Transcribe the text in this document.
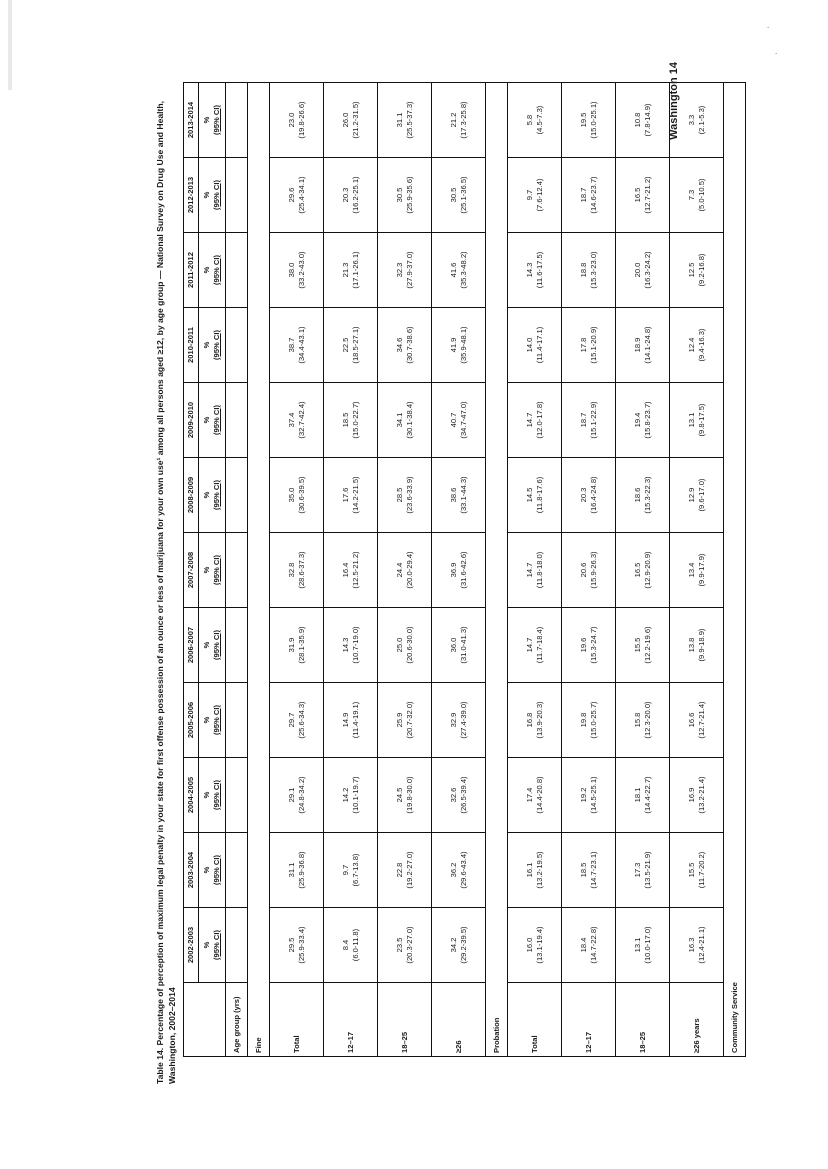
⋅
⋅
Table 14. Percentage of perception of maximum legal penalty in your state for first offense possession of an ounce or less of marijuana for your own use¹ among all persons aged ≥12, by age group — National Survey on Drug Use and Health, Washington, 2002–2014
	2002-2003	2003-2004	2004-2005	2005-2006	2006-2007	2007-2008	2008-2009	2009-2010	2010-2011	2011-2012	2012-2013	2013-2014

	% (95% CI)	% (95% CI)	% (95% CI)	% (95% CI)	% (95% CI)	% (95% CI)	% (95% CI)	% (95% CI)	% (95% CI)	% (95% CI)	% (95% CI)	% (95% CI)

Age group (yrs)												
Fine												
Total	29.5 (25.9-33.4)	31.1 (25.9-36.8)	29.1 (24.8-34.2)	29.7 (25.6-34.3)	31.9 (28.1-35.9)	32.8 (28.6-37.3)	35.0 (30.6-39.5)	37.4 (32.7-42.4)	38.7 (34.4-43.1)	38.0 (33.2-43.0)	29.6 (25.4-34.1)	23.0 (19.8-26.6)

12–17	8.4 (6.0-11.8)	9.7 (6.7-13.8)	14.2 (10.1-19.7)	14.9 (11.4-19.1)	14.3 (10.7-19.0)	16.4 (12.5-21.2)	17.6 (14.2-21.5)	18.5 (15.0-22.7)	22.5 (18.5-27.1)	21.3 (17.1-26.1)	20.3 (16.2-25.1)	26.0 (21.2-31.5)

18–25	23.5 (20.3-27.0)	22.8 (19.2-27.0)	24.5 (19.8-30.0)	25.9 (20.7-32.0)	25.0 (20.6-30.0)	24.4 (20.0-29.4)	28.5 (23.6-33.9)	34.1 (30.1-38.4)	34.6 (30.7-38.6)	32.3 (27.9-37.0)	30.5 (25.9-35.6)	31.1 (25.5-37.3)

≥26	34.2 (29.2-39.5)	36.2 (29.6-43.4)	32.6 (26.5-39.4)	32.9 (27.4-39.0)	36.0 (31.0-41.3)	36.9 (31.6-42.6)	38.6 (33.1-44.3)	40.7 (34.7-47.0)	41.9 (35.9-48.1)	41.6 (35.3-48.2)	30.5 (25.1-36.5)	21.2 (17.3-25.8)

Probation												
Total	16.0 (13.1-19.4)	16.1 (13.2-19.5)	17.4 (14.4-20.8)	16.8 (13.9-20.3)	14.7 (11.7-18.4)	14.7 (11.8-18.0)	14.5 (11.8-17.6)	14.7 (12.0-17.8)	14.0 (11.4-17.1)	14.3 (11.6-17.5)	9.7 (7.6-12.4)	5.8 (4.5-7.3)

12–17	18.4 (14.7-22.8)	18.5 (14.7-23.1)	19.2 (14.5-25.1)	19.8 (15.0-25.7)	19.6 (15.3-24.7)	20.6 (15.9-26.3)	20.3 (16.4-24.8)	18.7 (15.1-22.9)	17.8 (15.1-20.9)	18.8 (15.3-23.0)	18.7 (14.6-23.7)	19.5 (15.0-25.1)

18–25	13.1 (10.0-17.0)	17.3 (13.5-21.9)	18.1 (14.4-22.7)	15.8 (12.3-20.0)	15.5 (12.2-19.6)	16.5 (12.9-20.9)	18.6 (15.3-22.3)	19.4 (15.8-23.7)	18.9 (14.1-24.8)	20.0 (16.3-24.2)	16.5 (12.7-21.2)	10.8 (7.8-14.9)

≥26 years	16.3 (12.4-21.1)	15.5 (11.7-20.2)	16.9 (13.2-21.4)	16.6 (12.7-21.4)	13.8 (9.9-18.9)	13.4 (9.9-17.9)	12.9 (9.6-17.0)	13.1 (9.8-17.5)	12.4 (9.4-16.3)	12.5 (9.2-16.8)	7.3 (5.0-10.5)	3.3 (2.1-5.3)

Community Service												
Washington 14
